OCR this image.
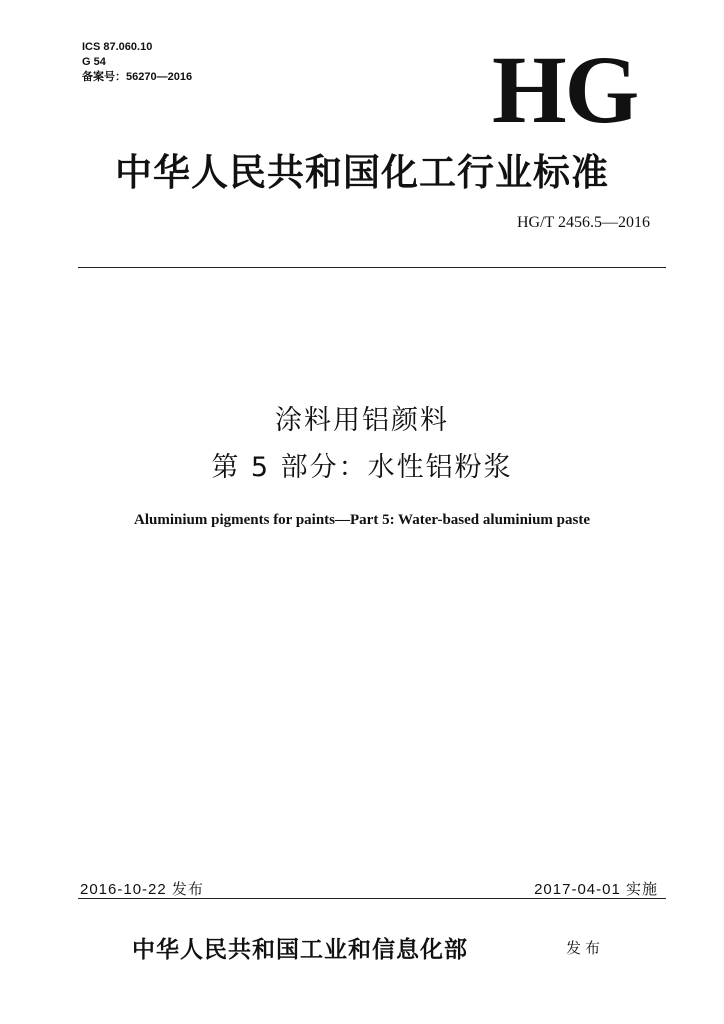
ICS 87.060.10
G 54
备案号：56270—2016	HG
中华人民共和国化工行业标准
HG/T 2456.5—2016
涂料用铝颜料
第 5 部分：水性铝粉浆
Aluminium pigments for paints—Part 5: Water-based aluminium paste
2016-10-22 发布	2017-04-01 实施
中华人民共和国工业和信息化部	发布
